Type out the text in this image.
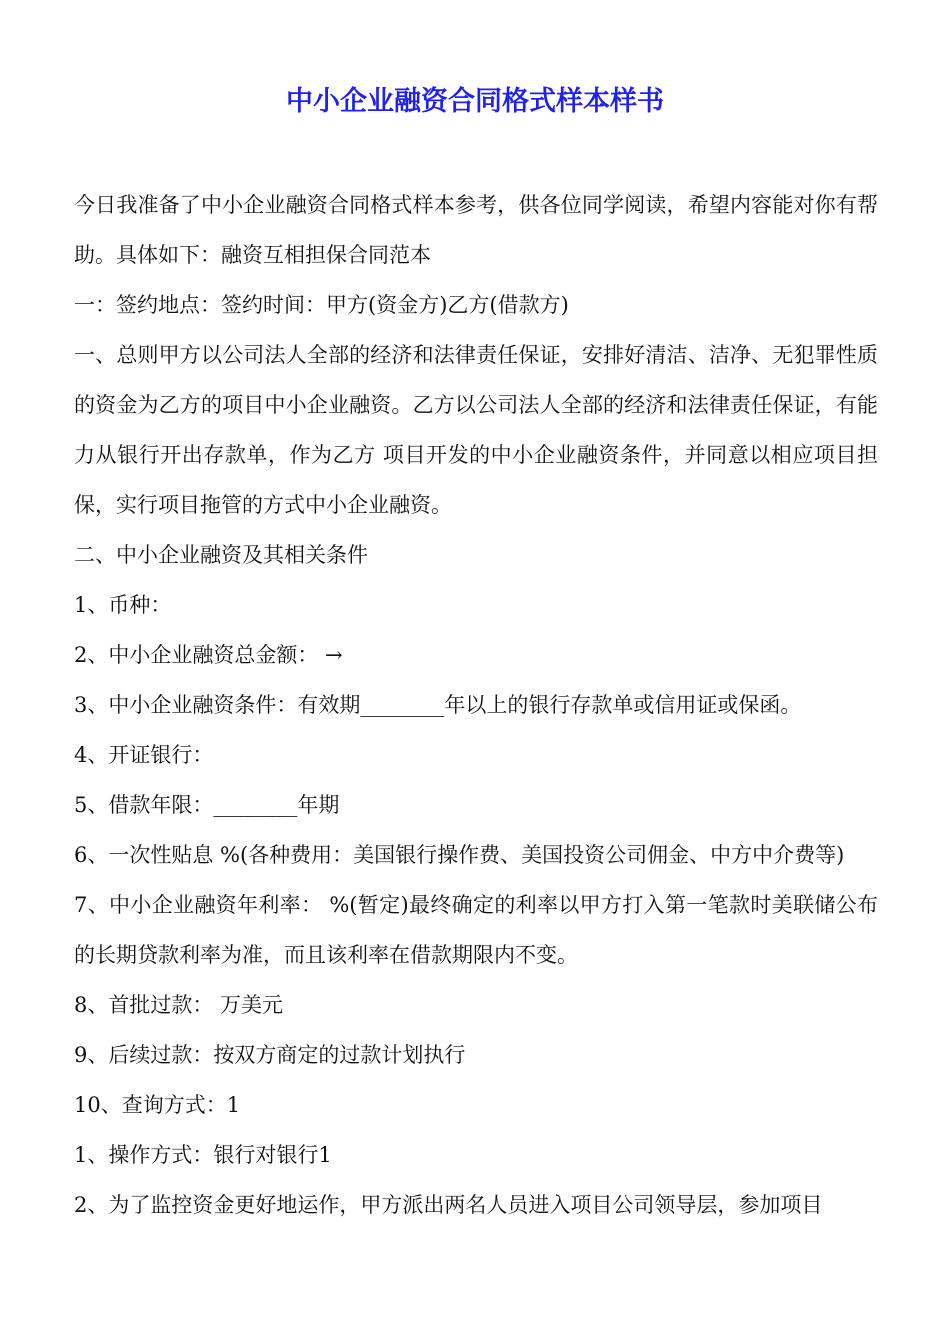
中小企业融资合同格式样本样书

今日我准备了中小企业融资合同格式样本参考，供各位同学阅读，希望内容能对你有帮助。具体如下：融资互相担保合同范本

一：签约地点：签约时间：甲方(资金方)乙方(借款方)

一、总则甲方以公司法人全部的经济和法律责任保证，安排好清洁、洁净、无犯罪性质的资金为乙方的项目中小企业融资。乙方以公司法人全部的经济和法律责任保证，有能力从银行开出存款单，作为乙方 项目开发的中小企业融资条件，并同意以相应项目担保，实行项目拖管的方式中小企业融资。

二、中小企业融资及其相关条件

1、币种：

2、中小企业融资总金额： →

3、中小企业融资条件：有效期________年以上的银行存款单或信用证或保函。

4、开证银行：

5、借款年限：________年期

6、一次性贴息 %(各种费用：美国银行操作费、美国投资公司佣金、中方中介费等)

7、中小企业融资年利率： %(暂定)最终确定的利率以甲方打入第一笔款时美联储公布的长期贷款利率为准，而且该利率在借款期限内不变。

8、首批过款： 万美元

9、后续过款：按双方商定的过款计划执行

10、查询方式：1

1、操作方式：银行对银行1

2、为了监控资金更好地运作，甲方派出两名人员进入项目公司领导层，参加项目
